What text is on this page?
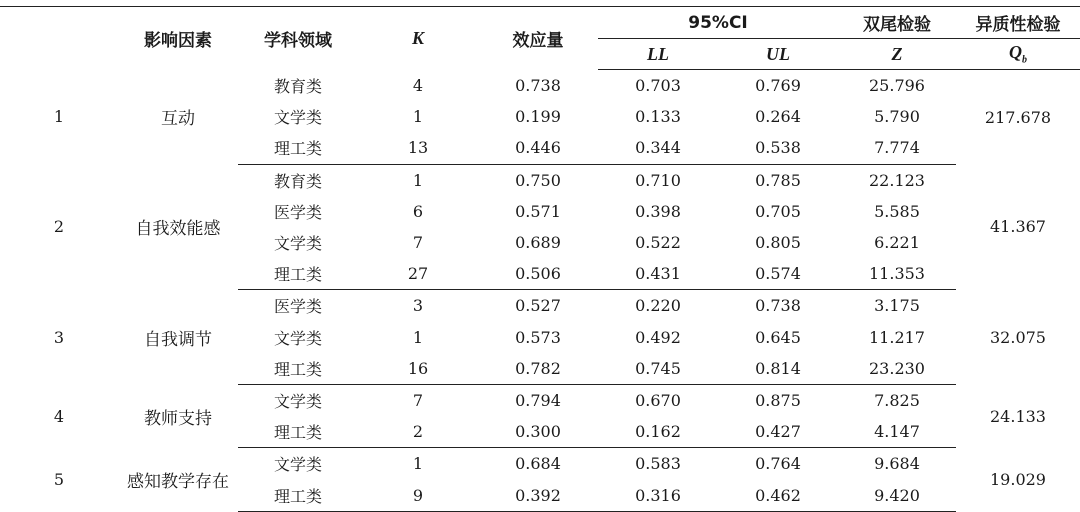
	影响因素	学科领域	K	效应量	95%CI		双尾检验	异质性检验
					LL	UL	Z	$Q_b$
1	互动	教育类	4	0.738	0.703	0.769	25.796	217.678
		文学类	1	0.199	0.133	0.264	5.790	
		理工类	13	0.446	0.344	0.538	7.774	
2	自我效能感	教育类	1	0.750	0.710	0.785	22.123	41.367
		医学类	6	0.571	0.398	0.705	5.585	
		文学类	7	0.689	0.522	0.805	6.221	
		理工类	27	0.506	0.431	0.574	11.353	
3	自我调节	医学类	3	0.527	0.220	0.738	3.175	32.075
		文学类	1	0.573	0.492	0.645	11.217	
		理工类	16	0.782	0.745	0.814	23.230	
4	教师支持	文学类	7	0.794	0.670	0.875	7.825	24.133
		理工类	2	0.300	0.162	0.427	4.147	
5	感知教学存在	文学类	1	0.684	0.583	0.764	9.684	19.029
		理工类	9	0.392	0.316	0.462	9.420	
